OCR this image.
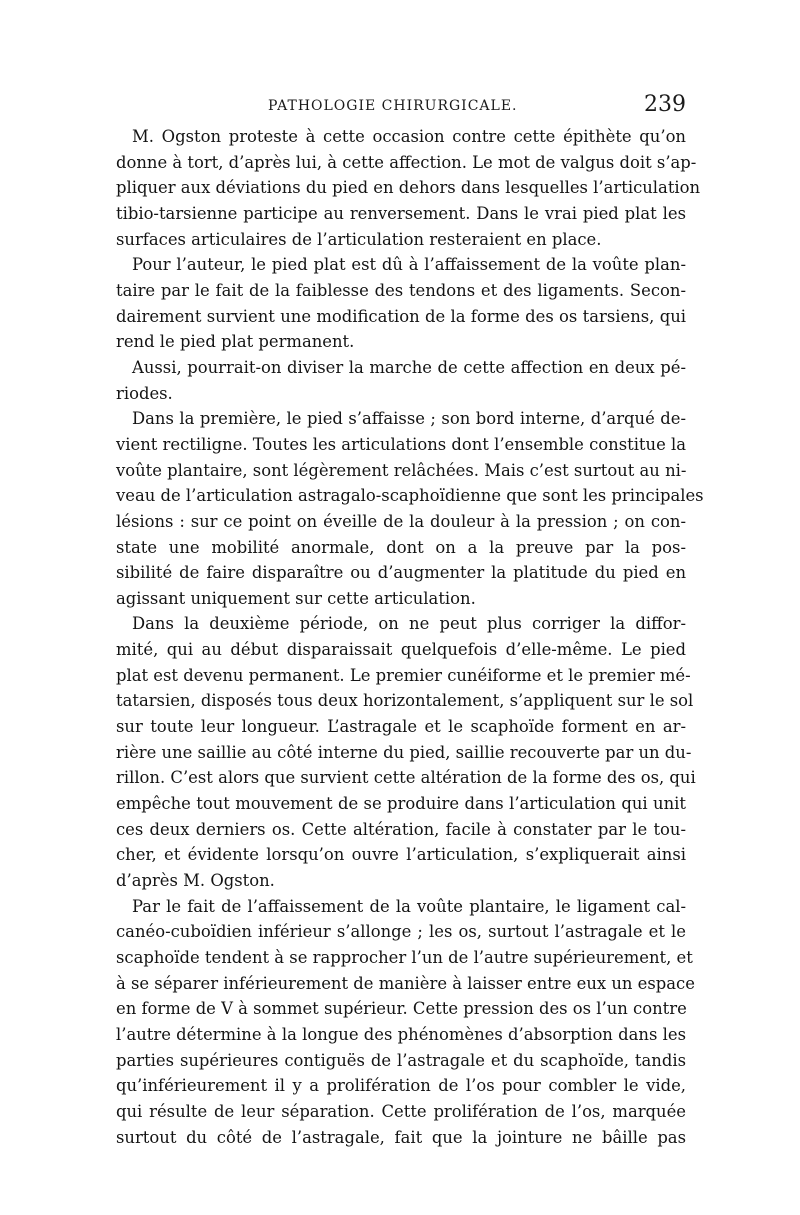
PATHOLOGIE CHIRURGICALE.	239
M. Ogston proteste à cette occasion contre cette épithète qu’on
donne à tort, d’après lui, à cette affection. Le mot de valgus doit s’ap-
pliquer aux déviations du pied en dehors dans lesquelles l’articulation
tibio-tarsienne participe au renversement. Dans le vrai pied plat les
surfaces articulaires de l’articulation resteraient en place.
Pour l’auteur, le pied plat est dû à l’affaissement de la voûte plan-
taire par le fait de la faiblesse des tendons et des ligaments. Secon-
dairement survient une modification de la forme des os tarsiens, qui
rend le pied plat permanent.
Aussi, pourrait-on diviser la marche de cette affection en deux pé-
riodes.
Dans la première, le pied s’affaisse ; son bord interne, d’arqué de-
vient rectiligne. Toutes les articulations dont l’ensemble constitue la
voûte plantaire, sont légèrement relâchées. Mais c’est surtout au ni-
veau de l’articulation astragalo-scaphoïdienne que sont les principales
lésions : sur ce point on éveille de la douleur à la pression ; on con-
state une mobilité anormale, dont on a la preuve par la pos-
sibilité de faire disparaître ou d’augmenter la platitude du pied en
agissant uniquement sur cette articulation.
Dans la deuxième période, on ne peut plus corriger la diffor-
mité, qui au début disparaissait quelquefois d’elle-même. Le pied
plat est devenu permanent. Le premier cunéiforme et le premier mé-
tatarsien, disposés tous deux horizontalement, s’appliquent sur le sol
sur toute leur longueur. L’astragale et le scaphoïde forment en ar-
rière une saillie au côté interne du pied, saillie recouverte par un du-
rillon. C’est alors que survient cette altération de la forme des os, qui
empêche tout mouvement de se produire dans l’articulation qui unit
ces deux derniers os. Cette altération, facile à constater par le tou-
cher, et évidente lorsqu’on ouvre l’articulation, s’expliquerait ainsi
d’après M. Ogston.
Par le fait de l’affaissement de la voûte plantaire, le ligament cal-
canéo-cuboïdien inférieur s’allonge ; les os, surtout l’astragale et le
scaphoïde tendent à se rapprocher l’un de l’autre supérieurement, et
à se séparer inférieurement de manière à laisser entre eux un espace
en forme de V à sommet supérieur. Cette pression des os l’un contre
l’autre détermine à la longue des phénomènes d’absorption dans les
parties supérieures contiguës de l’astragale et du scaphoïde, tandis
qu’inférieurement il y a prolifération de l’os pour combler le vide,
qui résulte de leur séparation. Cette prolifération de l’os, marquée
surtout du côté de l’astragale, fait que la jointure ne bâille pas
